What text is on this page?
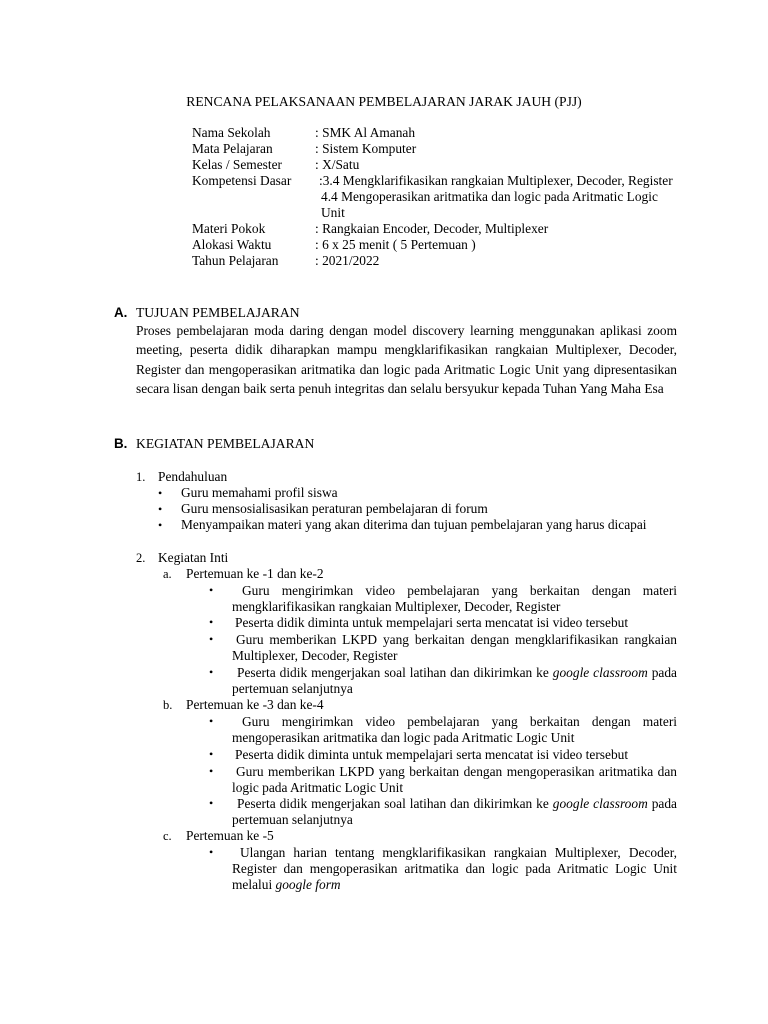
RENCANA PELAKSANAAN PEMBELAJARAN JARAK JAUH (PJJ)
Nama Sekolah	: SMK Al Amanah
Mata Pelajaran	: Sistem Komputer
Kelas / Semester : X/Satu
Kompetensi Dasar	:3.4 Mengklarifikasikan rangkaian Multiplexer, Decoder, Register
4.4 Mengoperasikan aritmatika dan logic pada Aritmatic Logic Unit
Materi Pokok	: Rangkaian Encoder, Decoder, Multiplexer
Alokasi Waktu	: 6 x 25 menit ( 5 Pertemuan )
Tahun Pelajaran	: 2021/2022
A. TUJUAN PEMBELAJARAN
Proses pembelajaran moda daring dengan model discovery learning menggunakan aplikasi zoom meeting, peserta didik diharapkan mampu mengklarifikasikan rangkaian Multiplexer, Decoder, Register dan mengoperasikan aritmatika dan logic pada Aritmatic Logic Unit yang dipresentasikan secara lisan dengan baik serta penuh integritas dan selalu bersyukur kepada Tuhan Yang Maha Esa
B. KEGIATAN PEMBELAJARAN
1. Pendahuluan
• Guru memahami profil siswa
• Guru mensosialisasikan peraturan pembelajaran di forum
• Menyampaikan materi yang akan diterima dan tujuan pembelajaran yang harus dicapai
2. Kegiatan Inti
a. Pertemuan ke -1 dan ke-2
•	Guru mengirimkan video pembelajaran yang berkaitan dengan materi mengklarifikasikan rangkaian Multiplexer, Decoder, Register
• Peserta didik diminta untuk mempelajari serta mencatat isi video tersebut
• Guru memberikan LKPD yang berkaitan dengan mengklarifikasikan rangkaian Multiplexer, Decoder, Register
•	Peserta didik mengerjakan soal latihan dan dikirimkan ke google classroom pada pertemuan selanjutnya
b. Pertemuan ke -3 dan ke-4
•	Guru mengirimkan video pembelajaran yang berkaitan dengan materi mengoperasikan aritmatika dan logic pada Aritmatic Logic Unit
• Peserta didik diminta untuk mempelajari serta mencatat isi video tersebut
• Guru memberikan LKPD yang berkaitan dengan mengoperasikan aritmatika dan logic pada Aritmatic Logic Unit
•	Peserta didik mengerjakan soal latihan dan dikirimkan ke google classroom pada pertemuan selanjutnya
c. Pertemuan ke -5
•	Ulangan harian tentang mengklarifikasikan rangkaian Multiplexer, Decoder, Register dan mengoperasikan aritmatika dan logic pada Aritmatic Logic Unit melalui google form
